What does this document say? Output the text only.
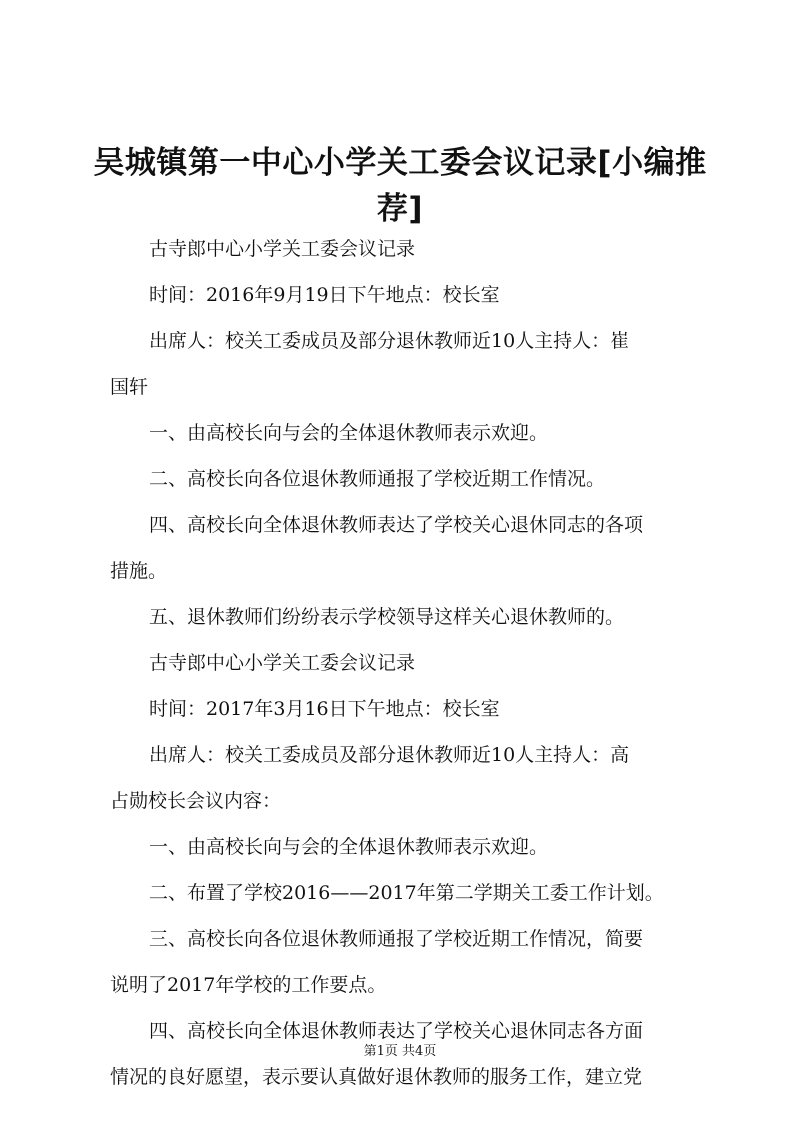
吴城镇第一中心小学关工委会议记录[小编推
荐]
古寺郎中心小学关工委会议记录
时间：2016年9月19日下午地点：校长室
出席人：校关工委成员及部分退休教师近10人主持人：崔
国轩
一、由高校长向与会的全体退休教师表示欢迎。
二、高校长向各位退休教师通报了学校近期工作情况。
四、高校长向全体退休教师表达了学校关心退休同志的各项
措施。
五、退休教师们纷纷表示学校领导这样关心退休教师的。
古寺郎中心小学关工委会议记录
时间：2017年3月16日下午地点：校长室
出席人：校关工委成员及部分退休教师近10人主持人：高
占勋校长会议内容：
一、由高校长向与会的全体退休教师表示欢迎。
二、布置了学校2016——2017年第二学期关工委工作计划。
三、高校长向各位退休教师通报了学校近期工作情况，简要
说明了2017年学校的工作要点。
四、高校长向全体退休教师表达了学校关心退休同志各方面
情况的良好愿望，表示要认真做好退休教师的服务工作，建立党
第1页 共4页
